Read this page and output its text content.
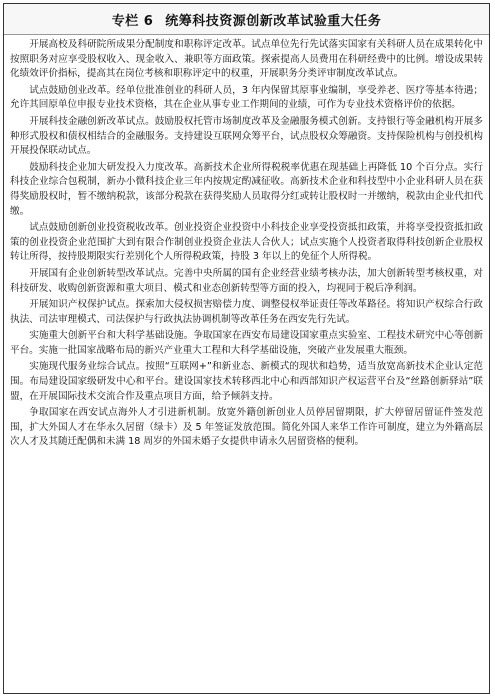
专栏 6 统筹科技资源创新改革试验重大任务

开展高校及科研院所成果分配制度和职称评定改革。试点单位先行先试落实国家有关科研人员在成果转化中按照职务对应享受股权收入、现金收入、兼职等方面政策。探索提高人员费用在科研经费中的比例。增设成果转化绩效评价指标，提高其在岗位考核和职称评定中的权重，开展职务分类评审制度改革试点。

试点鼓励创业改革。经单位批准创业的科研人员，3 年内保留其原事业编制，享受养老、医疗等基本待遇；允许其回原单位申报专业技术资格，其在企业从事专业工作期间的业绩，可作为专业技术资格评价的依据。

开展科技金融创新改革试点。鼓励股权托管市场制度改革及金融服务模式创新。支持银行等金融机构开展多种形式股权和债权相结合的金融服务。支持建设互联网众筹平台，试点股权众筹融资。支持保险机构与创投机构开展投保联动试点。

鼓励科技企业加大研发投入力度改革。高新技术企业所得税税率优惠在现基础上再降低 10 个百分点。实行科技企业综合包税制，新办小微科技企业三年内按规定酌减征收。高新技术企业和科技型中小企业科研人员在获得奖励股权时，暂不缴纳税款，该部分税款在获得奖励人员取得分红或转让股权时一并缴纳，税款由企业代扣代缴。

试点鼓励创新创业投资税收改革。创业投资企业投资中小科技企业享受投资抵扣政策，并将享受投资抵扣政策的创业投资企业范围扩大到有限合作制创业投资企业法人合伙人；试点实施个人投资者取得科技创新企业股权转让所得，按持股期限实行差别化个人所得税政策，持股 3 年以上的免征个人所得税。

开展国有企业创新转型改革试点。完善中央所属的国有企业经营业绩考核办法，加大创新转型考核权重，对科技研发、收购创新资源和重大项目、模式和业态创新转型等方面的投入，均视同于税后净利润。

开展知识产权保护试点。探索加大侵权损害赔偿力度、调整侵权举证责任等改革路径。将知识产权综合行政执法、司法审理模式、司法保护与行政执法协调机制等改革任务在西安先行先试。

实施重大创新平台和大科学基础设施。争取国家在西安布局建设国家重点实验室、工程技术研究中心等创新平台。实施一批国家战略布局的新兴产业重大工程和大科学基础设施，突破产业发展重大瓶颈。

实施现代服务业综合试点。按照“互联网+”和新业态、新模式的现状和趋势，适当放宽高新技术企业认定范围。布局建设国家级研发中心和平台。建设国家技术转移西北中心和西部知识产权运营平台及“丝路创新驿站”联盟，在开展国际技术交流合作及重点项目方面，给予倾斜支持。

争取国家在西安试点海外人才引进新机制。放宽外籍创新创业人员停居留期限，扩大停留居留证件签发范围，扩大外国人才在华永久居留（绿卡）及 5 年签证发放范围。简化外国人来华工作许可制度，建立为外籍高层次人才及其随迁配偶和未满 18 周岁的外国未婚子女提供申请永久居留资格的便利。
